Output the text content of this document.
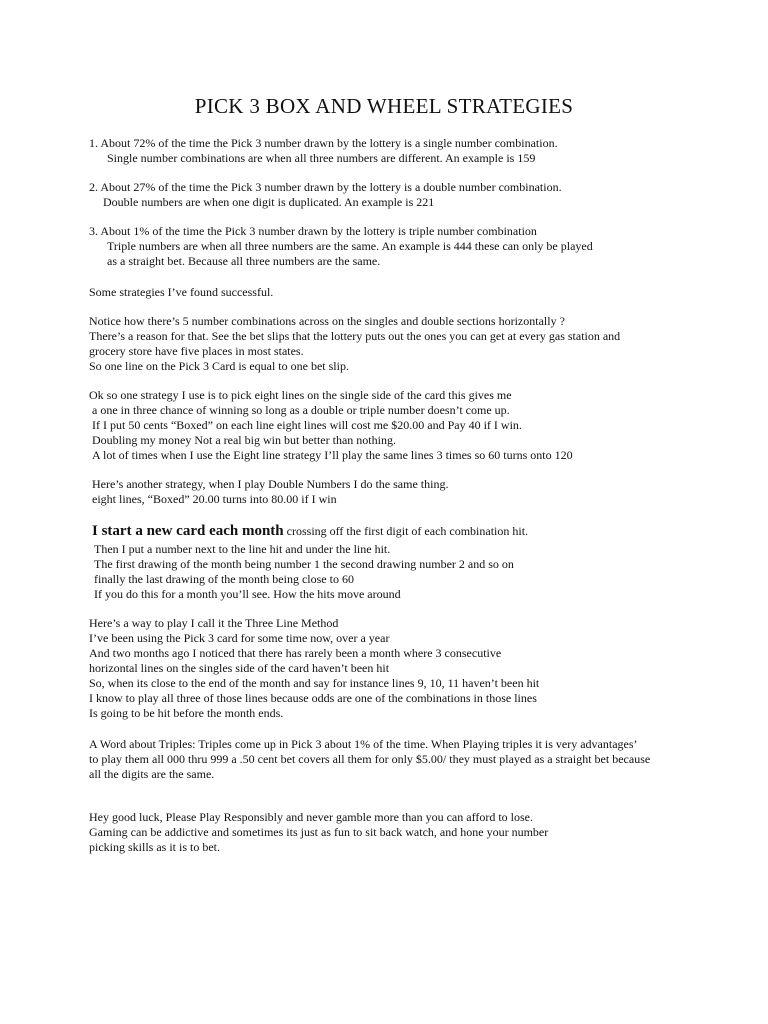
PICK 3 BOX AND WHEEL STRATEGIES
1. About 72% of the time the Pick 3 number drawn by the lottery is a single number combination.
Single number combinations are when all three numbers are different. An example is 159
2. About 27% of the time the Pick 3 number drawn by the lottery is a double number combination.
Double numbers are when one digit is duplicated. An example is 221
3. About 1% of the time the Pick 3 number drawn by the lottery is triple number combination
Triple numbers are when all three numbers are the same. An example is 444 these can only be played
as a straight bet. Because all three numbers are the same.
Some strategies I’ve found successful.
Notice how there’s 5 number combinations across on the singles and double sections horizontally ?
There’s a reason for that. See the bet slips that the lottery puts out the ones you can get at every gas station and
grocery store have five places in most states.
So one line on the Pick 3 Card is equal to one bet slip.
Ok so one strategy I use is to pick eight lines on the single side of the card this gives me
a one in three chance of winning so long as a double or triple number doesn’t come up.
If I put 50 cents “Boxed” on each line eight lines will cost me $20.00 and Pay 40 if I win.
Doubling my money Not a real big win but better than nothing.
A lot of times when I use the Eight line strategy I’ll play the same lines 3 times so 60 turns onto 120
Here’s another strategy, when I play Double Numbers I do the same thing.
eight lines, “Boxed” 20.00 turns into 80.00 if I win
I start a new card each month crossing off the first digit of each combination hit.
Then I put a number next to the line hit and under the line hit.
The first drawing of the month being number 1 the second drawing number 2 and so on
finally the last drawing of the month being close to 60
If you do this for a month you’ll see. How the hits move around
Here’s a way to play I call it the Three Line Method
I’ve been using the Pick 3 card for some time now, over a year
And two months ago I noticed that there has rarely been a month where 3 consecutive
horizontal lines on the singles side of the card haven’t been hit
So, when its close to the end of the month and say for instance lines 9, 10, 11 haven’t been hit
I know to play all three of those lines because odds are one of the combinations in those lines
Is going to be hit before the month ends.
A Word about Triples: Triples come up in Pick 3 about 1% of the time. When Playing triples it is very advantages’
to play them all 000 thru 999 a .50 cent bet covers all them for only $5.00/ they must played as a straight bet because
all the digits are the same.
Hey good luck, Please Play Responsibly and never gamble more than you can afford to lose.
Gaming can be addictive and sometimes its just as fun to sit back watch, and hone your number
picking skills as it is to bet.
